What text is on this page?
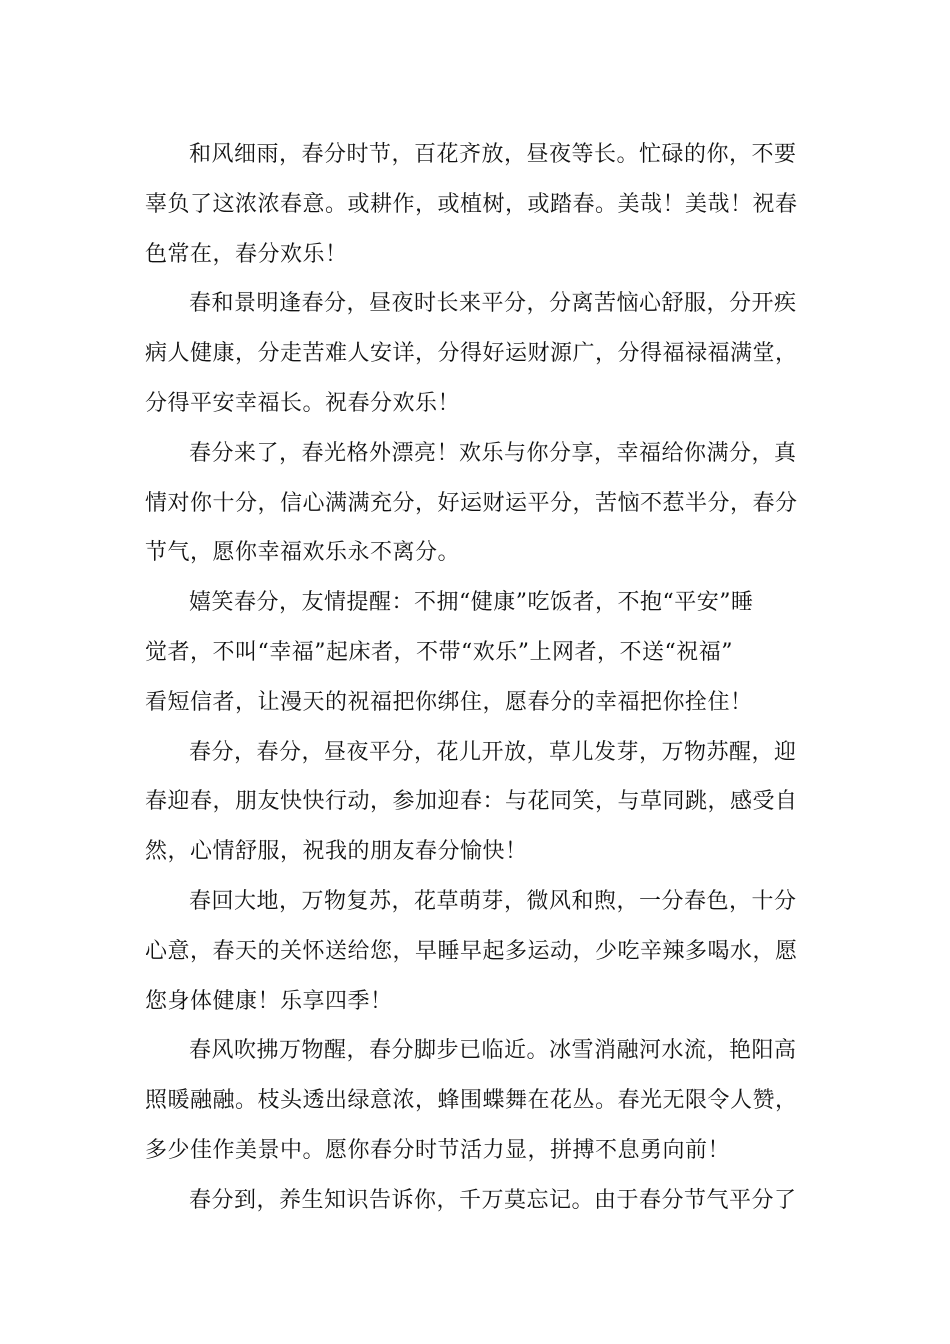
和风细雨，春分时节，百花齐放，昼夜等长。忙碌的你，不要
辜负了这浓浓春意。或耕作，或植树，或踏春。美哉！美哉！祝春
色常在，春分欢乐！
春和景明逢春分，昼夜时长来平分，分离苦恼心舒服，分开疾
病人健康，分走苦难人安详，分得好运财源广，分得福禄福满堂，
分得平安幸福长。祝春分欢乐！
春分来了，春光格外漂亮！欢乐与你分享，幸福给你满分，真
情对你十分，信心满满充分，好运财运平分，苦恼不惹半分，春分
节气，愿你幸福欢乐永不离分。
嬉笑春分，友情提醒：不拥“健康”吃饭者，不抱“平安”睡
觉者，不叫“幸福”起床者，不带“欢乐”上网者，不送“祝福”
看短信者，让漫天的祝福把你绑住，愿春分的幸福把你拴住！
春分，春分，昼夜平分，花儿开放，草儿发芽，万物苏醒，迎
春迎春，朋友快快行动，参加迎春：与花同笑，与草同跳，感受自
然，心情舒服，祝我的朋友春分愉快！
春回大地，万物复苏，花草萌芽，微风和煦，一分春色，十分
心意，春天的关怀送给您，早睡早起多运动，少吃辛辣多喝水，愿
您身体健康！乐享四季！
春风吹拂万物醒，春分脚步已临近。冰雪消融河水流，艳阳高
照暖融融。枝头透出绿意浓，蜂围蝶舞在花丛。春光无限令人赞，
多少佳作美景中。愿你春分时节活力显，拼搏不息勇向前！
春分到，养生知识告诉你，千万莫忘记。由于春分节气平分了
